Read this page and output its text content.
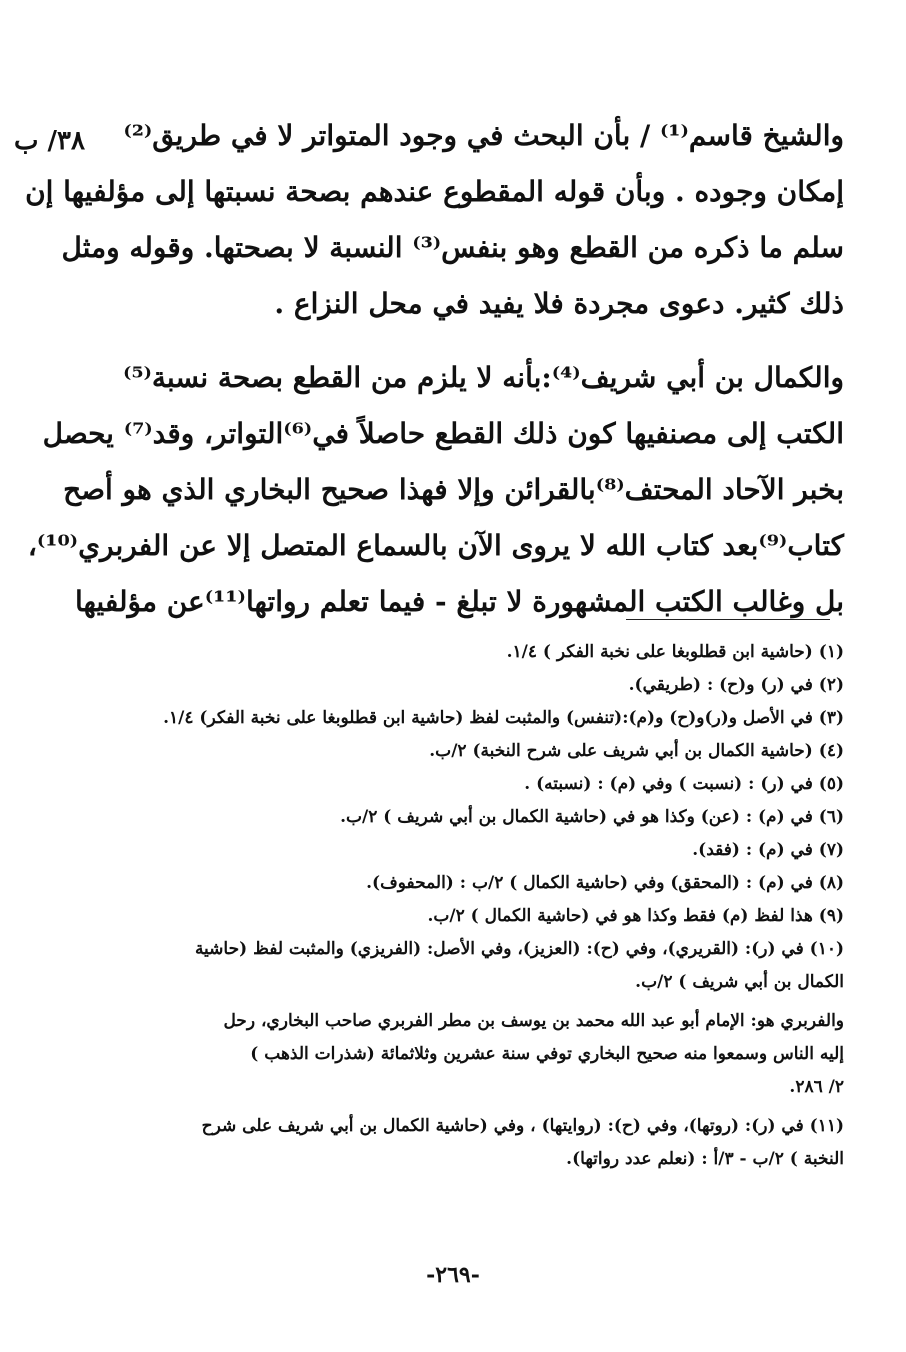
٣٨/ ب والشيخ قاسم⁽¹⁾ / بأن البحث في وجود المتواتر لا في طريق⁽²⁾
إمكان وجوده . وبأن قوله المقطوع عندهم بصحة نسبتها إلى مؤلفيها إن
سلم ما ذكره من القطع وهو بنفس⁽³⁾ النسبة لا بصحتها. وقوله ومثل
ذلك كثير. دعوى مجردة فلا يفيد في محل النزاع .
والكمال بن أبي شريف⁽⁴⁾:بأنه لا يلزم من القطع بصحة نسبة⁽⁵⁾
الكتب إلى مصنفيها كون ذلك القطع حاصلاً في⁽⁶⁾التواتر، وقد⁽⁷⁾ يحصل
بخبر الآحاد المحتف⁽⁸⁾بالقرائن وإلا فهذا صحيح البخاري الذي هو أصح
كتاب⁽⁹⁾بعد كتاب الله لا يروى الآن بالسماع المتصل إلا عن الفربري⁽¹⁰⁾،
بل وغالب الكتب المشهورة لا تبلغ - فيما تعلم رواتها⁽¹¹⁾عن مؤلفيها
(١) (حاشية ابن قطلوبغا على نخبة الفكر ) ١/٤.
(٢) في (ر) و(ح) : (طريقي).
(٣) في الأصل و(ر)و(ح) و(م):(تنفس) والمثبت لفظ (حاشية ابن قطلوبغا على نخبة الفكر) ١/٤.
(٤) (حاشية الكمال بن أبي شريف على شرح النخبة) ٢/ب.
(٥) في (ر) : (نسبت ) وفي (م) : (نسبته) .
(٦) في (م) : (عن) وكذا هو في (حاشية الكمال بن أبي شريف ) ٢/ب.
(٧) في (م) : (فقد).
(٨) في (م) : (المحقق) وفي (حاشية الكمال ) ٢/ب : (المحفوف).
(٩) هذا لفظ (م) فقط وكذا هو في (حاشية الكمال ) ٢/ب.
(١٠) في (ر): (القريري)، وفي (ح): (العزيز)، وفي الأصل: (الفريزي) والمثبت لفظ (حاشية
الكمال بن أبي شريف ) ٢/ب.
والفربري هو: الإمام أبو عبد الله محمد بن يوسف بن مطر الفربري صاحب البخاري، رحل
إليه الناس وسمعوا منه صحيح البخاري توفي سنة عشرين وثلاثمائة (شذرات الذهب )
٢/ ٢٨٦.
(١١) في (ر): (روتها)، وفي (ح): (روايتها) ، وفي (حاشية الكمال بن أبي شريف على شرح
النخبة ) ٢/ب - ٣/أ : (نعلم عدد رواتها).
-٢٦٩-
